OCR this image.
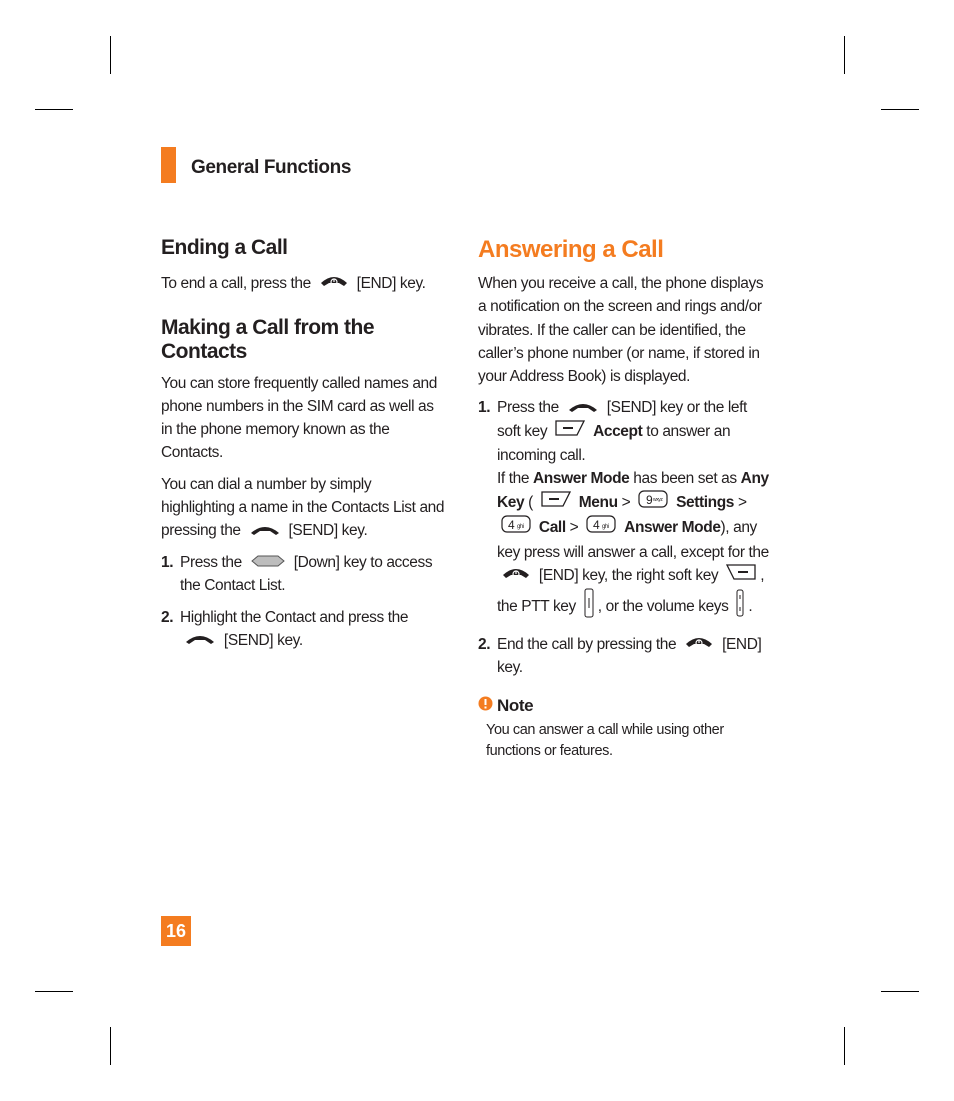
General Functions
Ending a Call

To end a call, press the	[END] key.

Making a Call from the Contacts

You can store frequently called names and phone numbers in the SIM card as well as in the phone memory known as the Contacts.

You can dial a number by simply highlighting a name in the Contacts List and pressing the	[SEND] key.

1. Press the	[Down] key to access the Contact List.
2. Highlight the Contact and press the  [SEND] key.
Answering a Call

When you receive a call, the phone displays a notification on the screen and rings and/or vibrates. If the caller can be identified, the caller’s phone number (or name, if stored in your Address Book) is displayed.

1. Press the	[SEND] key or the left soft key	Accept to answer an incoming call.
If the Answer Mode has been set as Any Key (	Menu > 9 wxyz Settings >
4 ghi Call > 4 ghi Answer Mode), any key press will answer a call, except for the  [END] key, the right soft key	, the PTT key , or the volume keys .
2. End the call by pressing the	[END] key.
Note
You can answer a call while using other functions or features.
16
